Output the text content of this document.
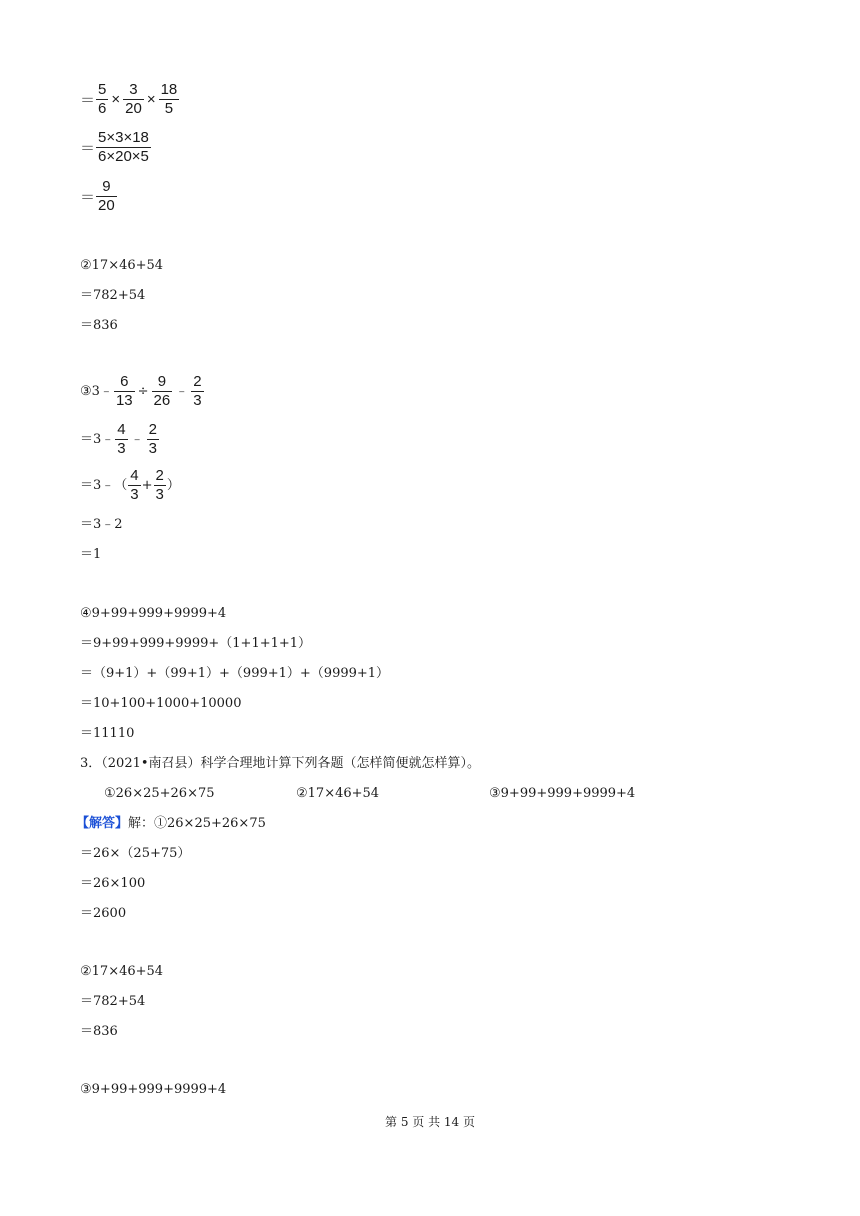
＝ $\frac{5}{6} \times \frac{3}{20} \times \frac{18}{5}$
＝ $\frac{5\times 3\times 18}{6\times 20\times 5}$
＝ $\frac{9}{20}$
②17×46+54
＝782+54
＝836
③3﹣ $\frac{6}{13} \div \frac{9}{26}$ ﹣ $\frac{2}{3}$
＝3﹣ $\frac{4}{3}$ ﹣ $\frac{2}{3}$
＝3﹣（ $\frac{4}{3} + \frac{2}{3}$ ）
＝3﹣2
＝1
④9+99+999+9999+4
＝9+99+999+9999+（1+1+1+1）
＝（9+1）+（99+1）+（999+1）+（9999+1）
＝10+100+1000+10000
＝11110
3．（2021•南召县）科学合理地计算下列各题（怎样简便就怎样算）。
①26×25+26×75	②17×46+54	③9+99+999+9999+4
【解答】解：①26×25+26×75
＝26×（25+75）
＝26×100
＝2600
②17×46+54
＝782+54
＝836
③9+99+999+9999+4
第 5 页 共 14 页
